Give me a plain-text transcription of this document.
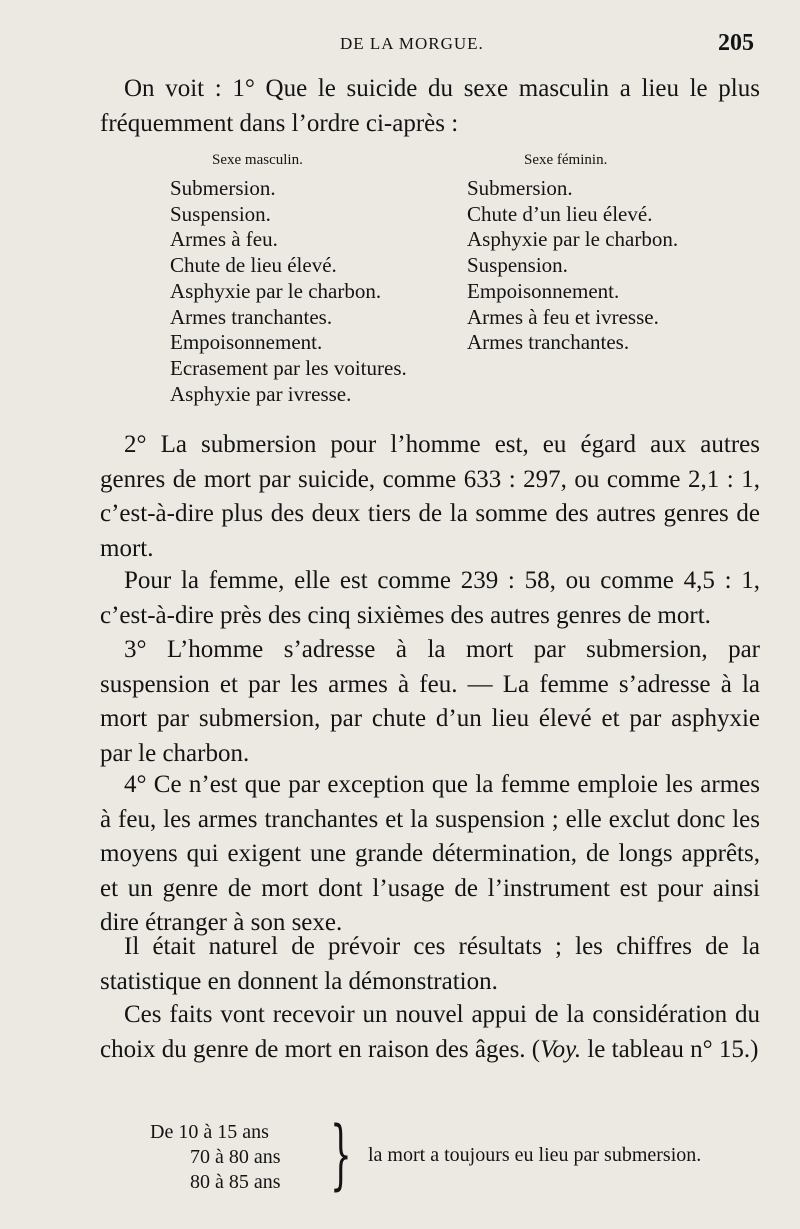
DE LA MORGUE.	205

On voit : 1° Que le suicide du sexe masculin a lieu le plus fréquemment dans l’ordre ci-après :

Sexe masculin.	Sexe féminin.
Submersion.
Suspension.
Armes à feu.
Chute de lieu élevé.
Asphyxie par le charbon.
Armes tranchantes.
Empoisonnement.
Ecrasement par les voitures.
Asphyxie par ivresse.
Submersion.
Chute d’un lieu élevé.
Asphyxie par le charbon.
Suspension.
Empoisonnement.
Armes à feu et ivresse.
Armes tranchantes.

2° La submersion pour l’homme est, eu égard aux autres genres de mort par suicide, comme 633 : 297, ou comme 2,1 : 1, c’est-à-dire plus des deux tiers de la somme des autres genres de mort.

Pour la femme, elle est comme 239 : 58, ou comme 4,5 : 1, c’est-à-dire près des cinq sixièmes des autres genres de mort.

3° L’homme s’adresse à la mort par submersion, par suspension et par les armes à feu. — La femme s’adresse à la mort par submersion, par chute d’un lieu élevé et par asphyxie par le charbon.

4° Ce n’est que par exception que la femme emploie les armes à feu, les armes tranchantes et la suspension ; elle exclut donc les moyens qui exigent une grande détermination, de longs apprêts, et un genre de mort dont l’usage de l’instrument est pour ainsi dire étranger à son sexe.

Il était naturel de prévoir ces résultats ; les chiffres de la statistique en donnent la démonstration.

Ces faits vont recevoir un nouvel appui de la considération du choix du genre de mort en raison des âges. (Voy. le tableau n° 15.)

De 10 à 15 ans
70 à 80 ans
80 à 85 ans } la mort a toujours eu lieu par submersion.
